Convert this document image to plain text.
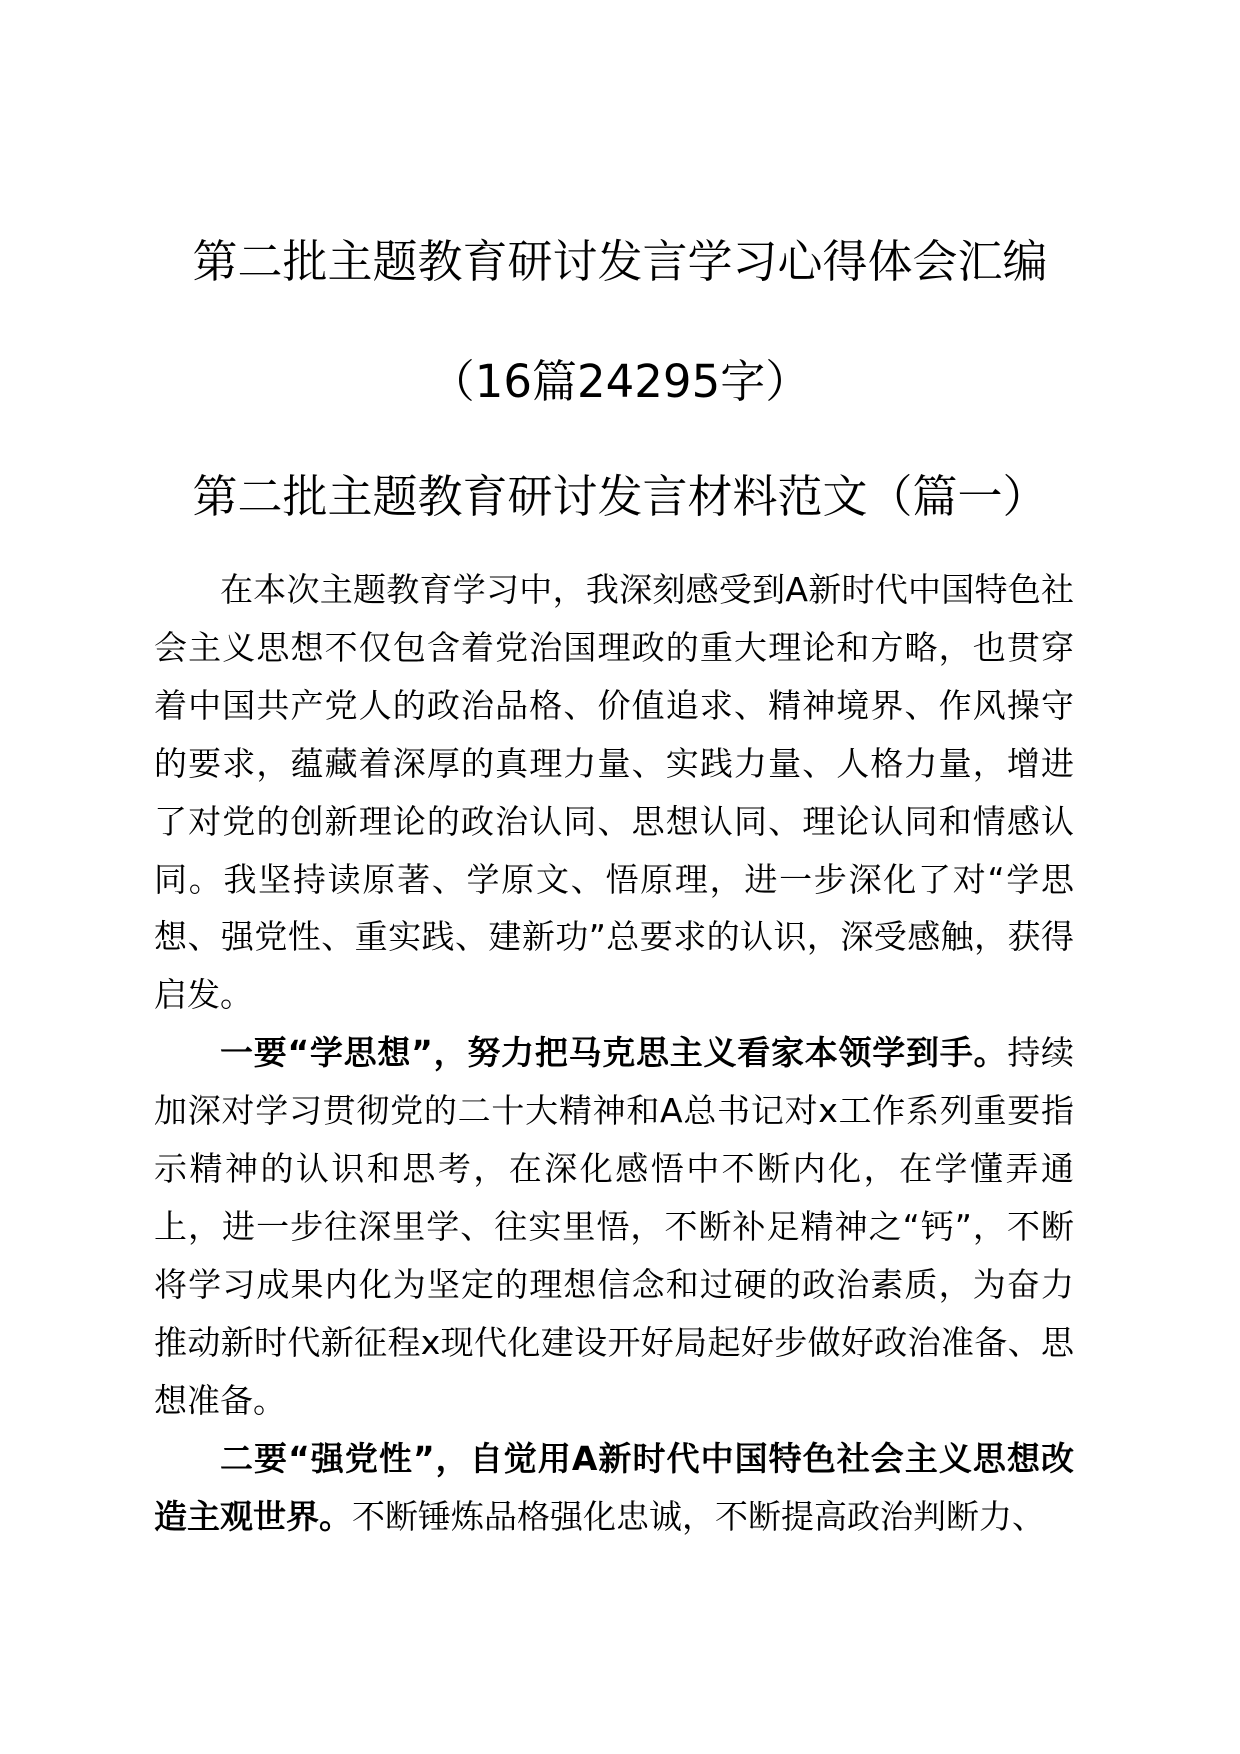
第二批主题教育研讨发言学习心得体会汇编
（16篇24295字）
第二批主题教育研讨发言材料范文（篇一）

在本次主题教育学习中，我深刻感受到A新时代中国特色社会主义思想不仅包含着党治国理政的重大理论和方略，也贯穿着中国共产党人的政治品格、价值追求、精神境界、作风操守的要求，蕴藏着深厚的真理力量、实践力量、人格力量，增进了对党的创新理论的政治认同、思想认同、理论认同和情感认同。我坚持读原著、学原文、悟原理，进一步深化了对“学思想、强党性、重实践、建新功”总要求的认识，深受感触，获得启发。

一要“学思想”，努力把马克思主义看家本领学到手。持续加深对学习贯彻党的二十大精神和A总书记对x工作系列重要指示精神的认识和思考，在深化感悟中不断内化，在学懂弄通上，进一步往深里学、往实里悟，不断补足精神之“钙”，不断将学习成果内化为坚定的理想信念和过硬的政治素质，为奋力推动新时代新征程x现代化建设开好局起好步做好政治准备、思想准备。

二要“强党性”，自觉用A新时代中国特色社会主义思想改造主观世界。不断锤炼品格强化忠诚，不断提高政治判断力、
